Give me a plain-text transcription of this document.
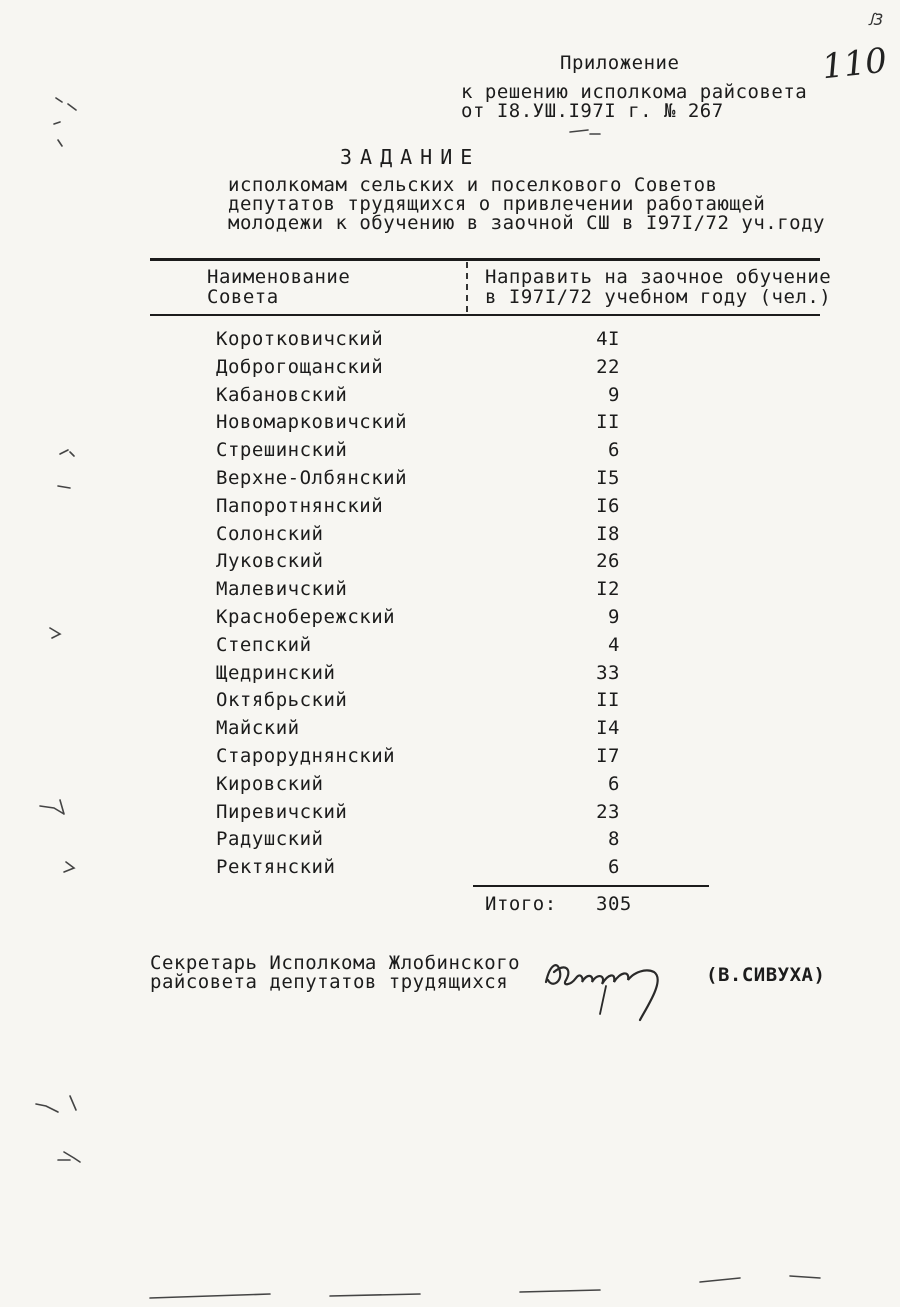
ꭍ3
110
Приложение
к решению исполкома райсовета
от I8.УШ.I97I г. № 267
ЗАДАНИЕ
исполкомам сельских и поселкового Советов
депутатов трудящихся о привлечении работающей
молодежи к обучению в заочной СШ в I97I/72 уч.году
Наименование
Совета
Направить на заочное обучение
в I97I/72 учебном году (чел.)
Коротковичский	4I
Доброгощанский	22
Кабановский	9
Новомарковичский	II
Стрешинский	6
Верхне-Олбянский	I5
Папоротнянский	I6
Солонский	I8
Луковский	26
Малевичский	I2
Краснобережский	9
Степский	4
Щедринский	33
Октябрьский	II
Майский	I4
Староруднянский	I7
Кировский	6
Пиревичский	23
Радушский	8
Ректянский	6
Итого: 305
Секретарь Исполкома Жлобинского
райсовета депутатов трудящихся	(В.СИВУХА)
